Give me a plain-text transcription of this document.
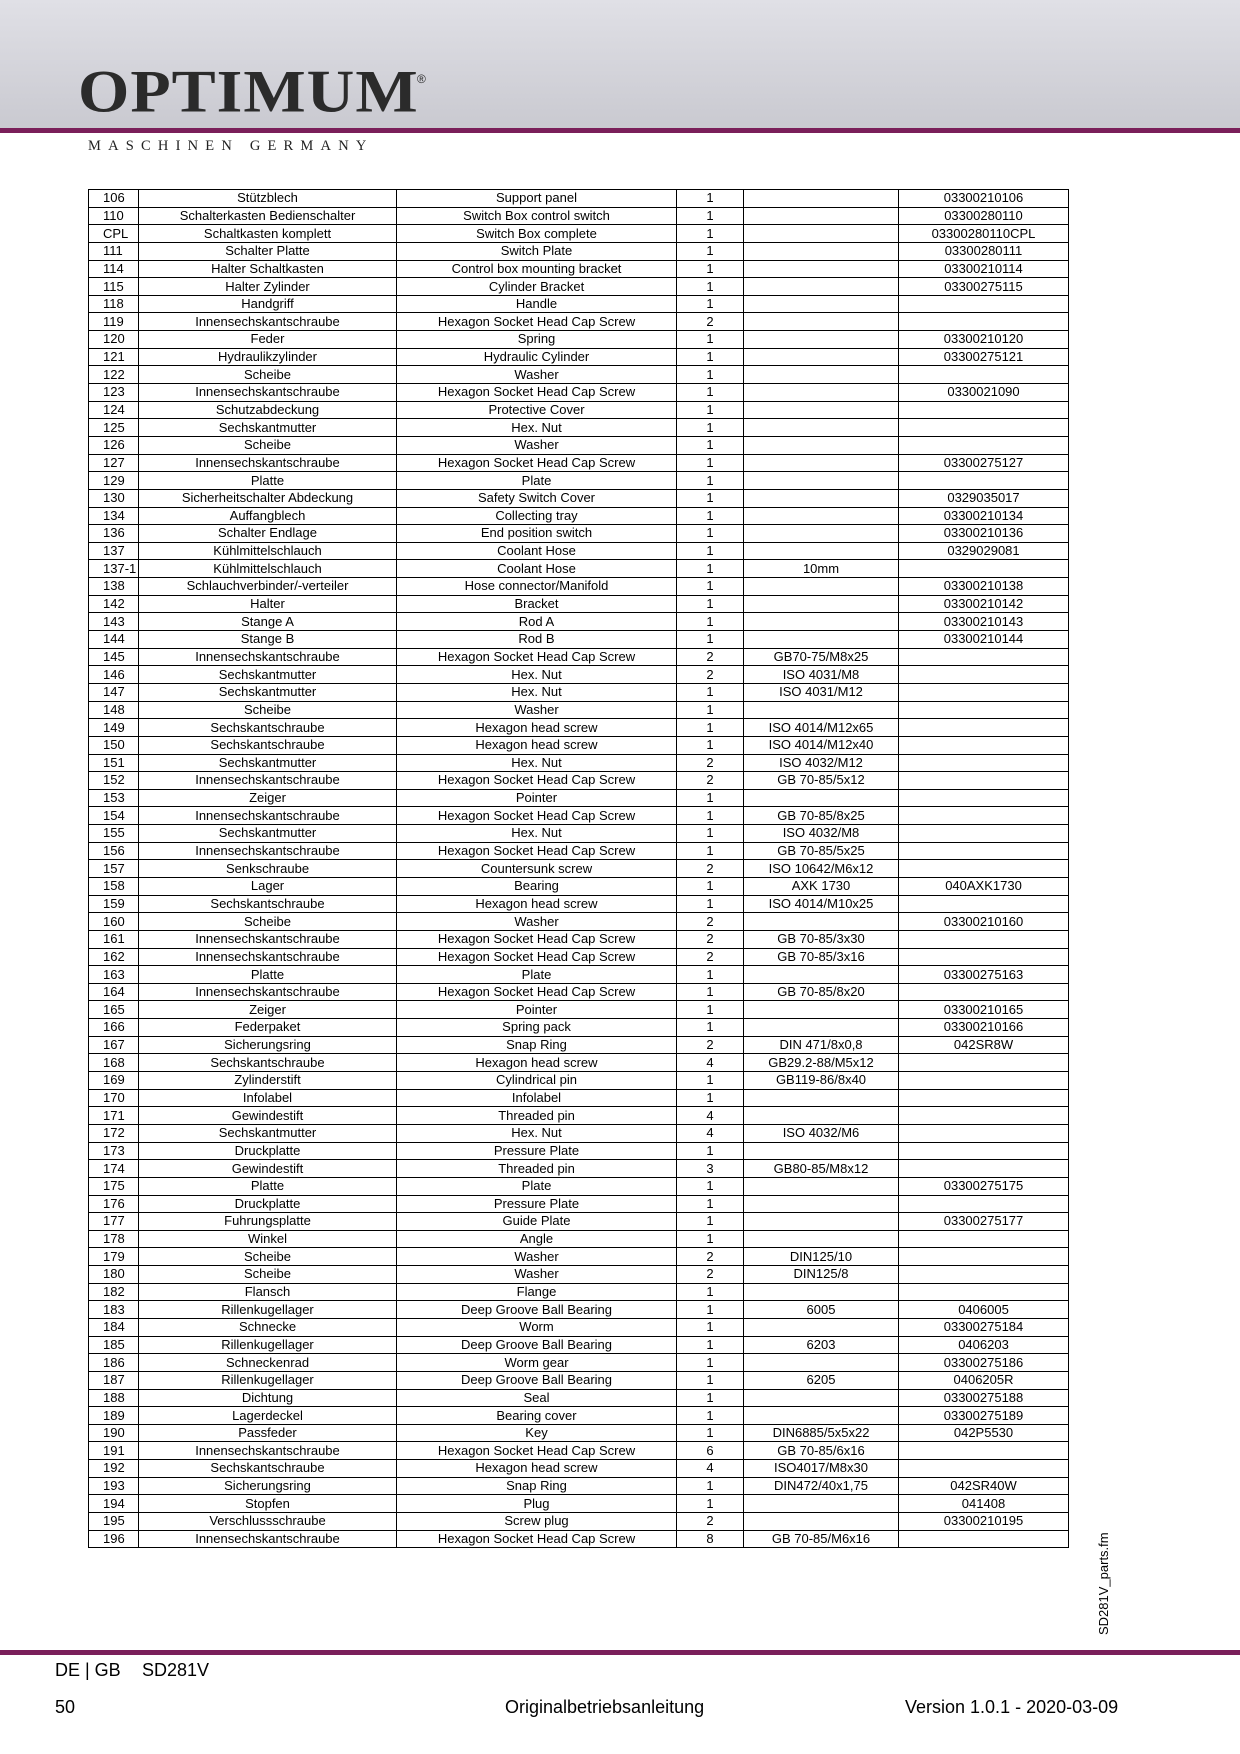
OPTIMUM
®
MASCHINEN GERMANY
106	Stützblech	Support panel	1		03300210106
110	Schalterkasten Bedienschalter	Switch Box control switch	1		03300280110
CPL	Schaltkasten komplett	Switch Box complete	1		03300280110CPL
111	Schalter Platte	Switch Plate	1		03300280111
114	Halter Schaltkasten	Control box mounting bracket	1		03300210114
115	Halter Zylinder	Cylinder Bracket	1		03300275115
118	Handgriff	Handle	1		
119	Innensechskantschraube	Hexagon Socket Head Cap Screw	2		
120	Feder	Spring	1		03300210120
121	Hydraulikzylinder	Hydraulic Cylinder	1		03300275121
122	Scheibe	Washer	1		
123	Innensechskantschraube	Hexagon Socket Head Cap Screw	1		0330021090
124	Schutzabdeckung	Protective Cover	1		
125	Sechskantmutter	Hex. Nut	1		
126	Scheibe	Washer	1		
127	Innensechskantschraube	Hexagon Socket Head Cap Screw	1		03300275127
129	Platte	Plate	1		
130	Sicherheitschalter Abdeckung	Safety Switch Cover	1		0329035017
134	Auffangblech	Collecting tray	1		03300210134
136	Schalter Endlage	End position switch	1		03300210136
137	Kühlmittelschlauch	Coolant Hose	1		0329029081
137-1	Kühlmittelschlauch	Coolant Hose	1	10mm	
138	Schlauchverbinder/-verteiler	Hose connector/Manifold	1		03300210138
142	Halter	Bracket	1		03300210142
143	Stange A	Rod A	1		03300210143
144	Stange B	Rod B	1		03300210144
145	Innensechskantschraube	Hexagon Socket Head Cap Screw	2	GB70-75/M8x25	
146	Sechskantmutter	Hex. Nut	2	ISO 4031/M8	
147	Sechskantmutter	Hex. Nut	1	ISO 4031/M12	
148	Scheibe	Washer	1		
149	Sechskantschraube	Hexagon head screw	1	ISO 4014/M12x65	
150	Sechskantschraube	Hexagon head screw	1	ISO 4014/M12x40	
151	Sechskantmutter	Hex. Nut	2	ISO 4032/M12	
152	Innensechskantschraube	Hexagon Socket Head Cap Screw	2	GB 70-85/5x12	
153	Zeiger	Pointer	1		
154	Innensechskantschraube	Hexagon Socket Head Cap Screw	1	GB 70-85/8x25	
155	Sechskantmutter	Hex. Nut	1	ISO 4032/M8	
156	Innensechskantschraube	Hexagon Socket Head Cap Screw	1	GB 70-85/5x25	
157	Senkschraube	Countersunk screw	2	ISO 10642/M6x12	
158	Lager	Bearing	1	AXK 1730	040AXK1730
159	Sechskantschraube	Hexagon head screw	1	ISO 4014/M10x25	
160	Scheibe	Washer	2		03300210160
161	Innensechskantschraube	Hexagon Socket Head Cap Screw	2	GB 70-85/3x30	
162	Innensechskantschraube	Hexagon Socket Head Cap Screw	2	GB 70-85/3x16	
163	Platte	Plate	1		03300275163
164	Innensechskantschraube	Hexagon Socket Head Cap Screw	1	GB 70-85/8x20	
165	Zeiger	Pointer	1		03300210165
166	Federpaket	Spring pack	1		03300210166
167	Sicherungsring	Snap Ring	2	DIN 471/8x0,8	042SR8W
168	Sechskantschraube	Hexagon head screw	4	GB29.2-88/M5x12	
169	Zylinderstift	Cylindrical pin	1	GB119-86/8x40	
170	Infolabel	Infolabel	1		
171	Gewindestift	Threaded pin	4		
172	Sechskantmutter	Hex. Nut	4	ISO 4032/M6	
173	Druckplatte	Pressure Plate	1		
174	Gewindestift	Threaded pin	3	GB80-85/M8x12	
175	Platte	Plate	1		03300275175
176	Druckplatte	Pressure Plate	1		
177	Fuhrungsplatte	Guide Plate	1		03300275177
178	Winkel	Angle	1		
179	Scheibe	Washer	2	DIN125/10	
180	Scheibe	Washer	2	DIN125/8	
182	Flansch	Flange	1		
183	Rillenkugellager	Deep Groove Ball Bearing	1	6005	0406005
184	Schnecke	Worm	1		03300275184
185	Rillenkugellager	Deep Groove Ball Bearing	1	6203	0406203
186	Schneckenrad	Worm gear	1		03300275186
187	Rillenkugellager	Deep Groove Ball Bearing	1	6205	0406205R
188	Dichtung	Seal	1		03300275188
189	Lagerdeckel	Bearing cover	1		03300275189
190	Passfeder	Key	1	DIN6885/5x5x22	042P5530
191	Innensechskantschraube	Hexagon Socket Head Cap Screw	6	GB 70-85/6x16	
192	Sechskantschraube	Hexagon head screw	4	ISO4017/M8x30	
193	Sicherungsring	Snap Ring	1	DIN472/40x1,75	042SR40W
194	Stopfen	Plug	1		041408
195	Verschlussschraube	Screw plug	2		03300210195
196	Innensechskantschraube	Hexagon Socket Head Cap Screw	8	GB 70-85/M6x16		SD281V_parts.fm
DE | GB SD281V
50	Originalbetriebsanleitung	Version 1.0.1 - 2020-03-09
